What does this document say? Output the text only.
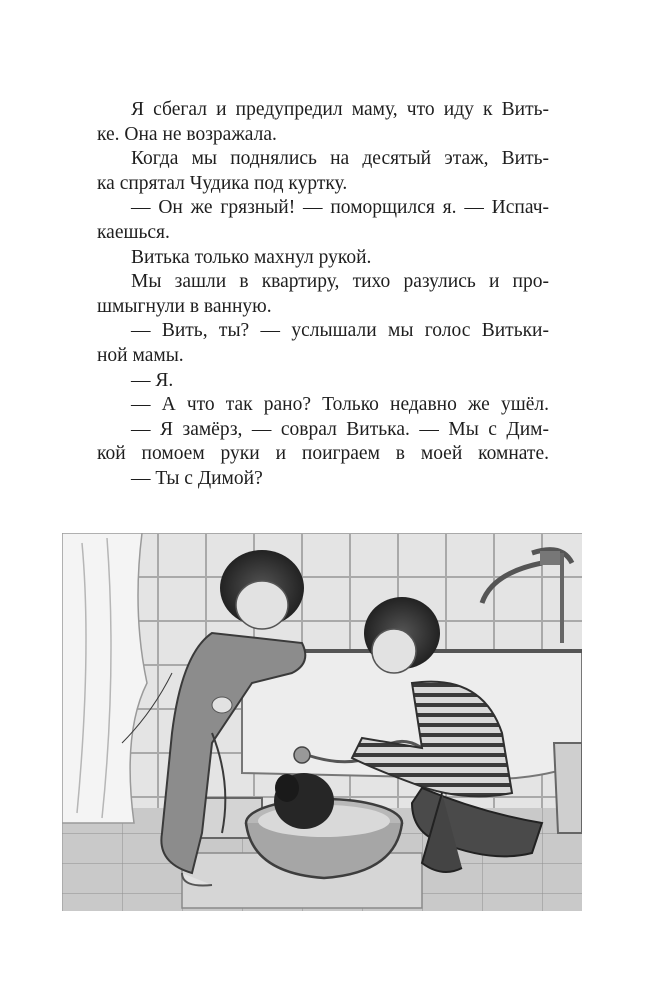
Я сбегал и предупредил маму, что иду к Вить-

ке. Она не возражала.

Когда мы поднялись на десятый этаж, Вить-

ка спрятал Чудика под куртку.

— Он же грязный! — поморщился я. — Испач-

каешься.

Витька только махнул рукой.

Мы зашли в квартиру, тихо разулись и про-

шмыгнули в ванную.

— Вить, ты? — услышали мы голос Витьки-

ной мамы.

— Я.

— А что так рано? Только недавно же ушёл.

— Я замёрз, — соврал Витька. — Мы с Дим-

кой помоем руки и поиграем в моей комнате.

— Ты с Димой?
